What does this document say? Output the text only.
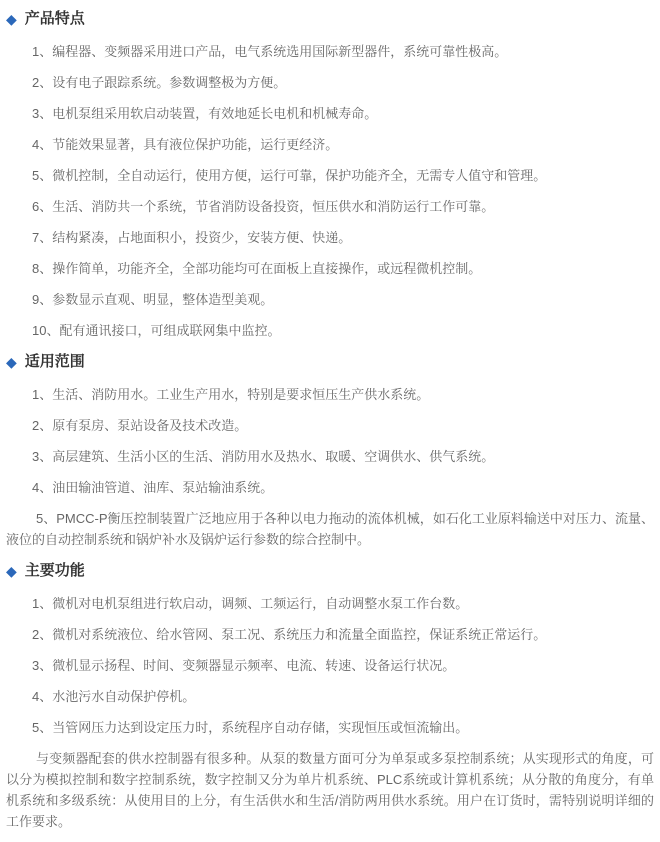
◆ 产品特点

1、编程器、变频器采用进口产品，电气系统选用国际新型器件，系统可靠性极高。

2、设有电子跟踪系统。参数调整极为方便。

3、电机泵组采用软启动装置，有效地延长电机和机械寿命。

4、节能效果显著，具有液位保护功能，运行更经济。

5、微机控制，全自动运行，使用方便，运行可靠，保护功能齐全，无需专人值守和管理。

6、生活、消防共一个系统，节省消防设备投资，恒压供水和消防运行工作可靠。

7、结构紧凑，占地面积小，投资少，安装方便、快递。

8、操作简单，功能齐全，全部功能均可在面板上直接操作，或远程微机控制。

9、参数显示直观、明显，整体造型美观。

10、配有通讯接口，可组成联网集中监控。

◆ 适用范围

1、生活、消防用水。工业生产用水，特别是要求恒压生产供水系统。

2、原有泵房、泵站设备及技术改造。

3、高层建筑、生活小区的生活、消防用水及热水、取暖、空调供水、供气系统。

4、油田输油管道、油库、泵站输油系统。

5、PMCC-P衡压控制装置广泛地应用于各种以电力拖动的流体机械，如石化工业原料输送中对压力、流量、液位的自动控制系统和锅炉补水及锅炉运行参数的综合控制中。

◆ 主要功能

1、微机对电机泵组进行软启动，调频、工频运行，自动调整水泵工作台数。

2、微机对系统液位、给水管网、泵工况、系统压力和流量全面监控，保证系统正常运行。

3、微机显示扬程、时间、变频器显示频率、电流、转速、设备运行状况。

4、水池污水自动保护停机。

5、当管网压力达到设定压力时，系统程序自动存储，实现恒压或恒流输出。

与变频器配套的供水控制器有很多种。从泵的数量方面可分为单泵或多泵控制系统；从实现形式的角度，可以分为模拟控制和数字控制系统，数字控制又分为单片机系统、PLC系统或计算机系统；从分散的角度分，有单机系统和多级系统：从使用目的上分，有生活供水和生活/消防两用供水系统。用户在订货时，需特别说明详细的工作要求。
